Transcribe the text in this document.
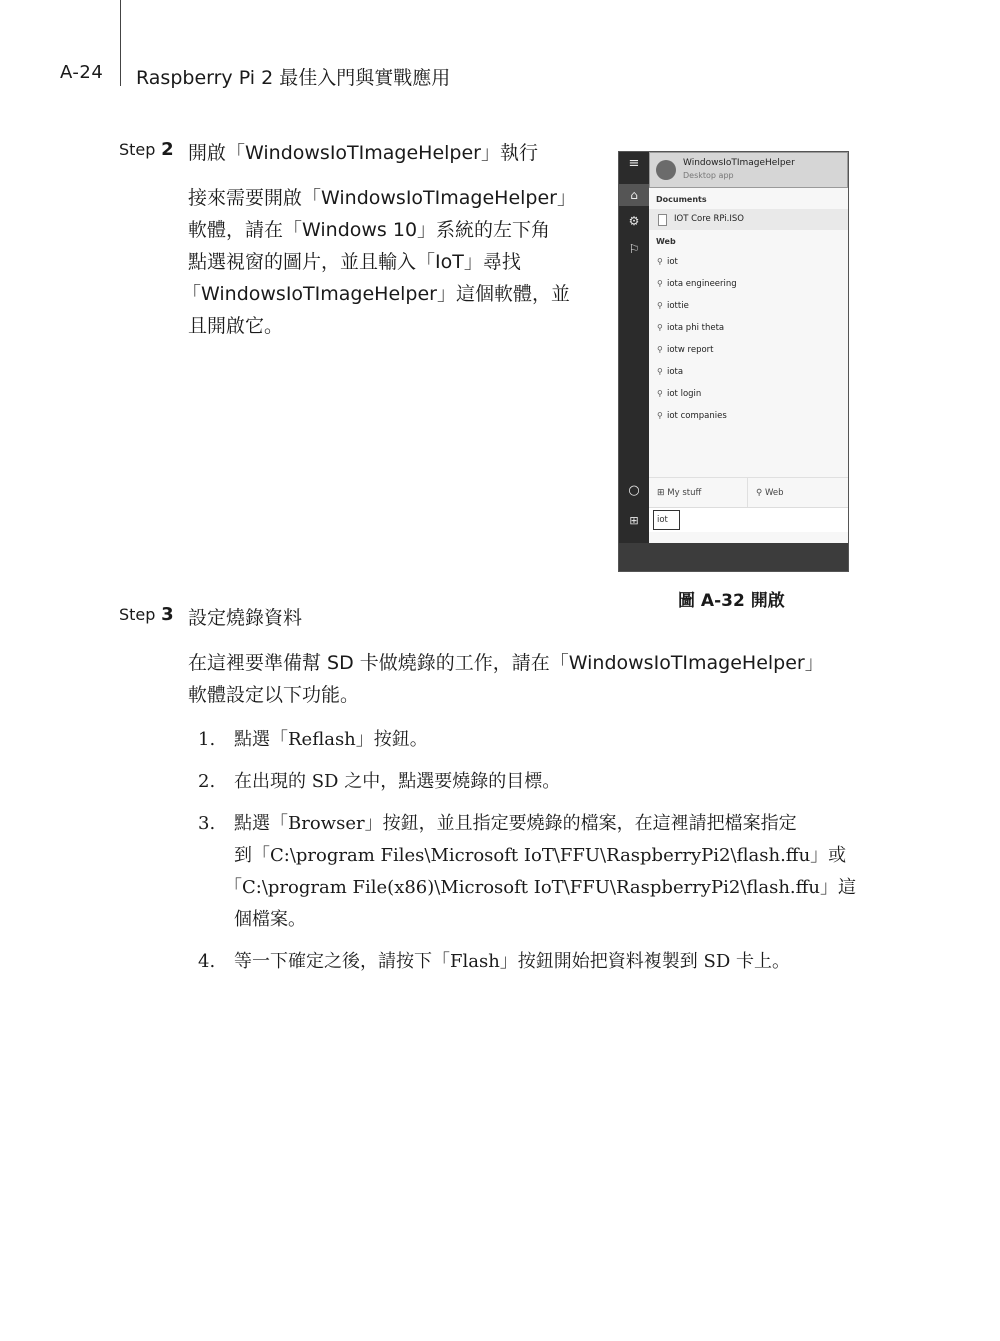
A-24 Raspberry Pi 2 最佳入門與實戰應用
Step 2 開啟「WindowsIoTImageHelper」執行
接來需要開啟「WindowsIoTImageHelper」
軟體，請在「Windows 10」系統的左下角
點選視窗的圖片，並且輸入「IoT」尋找
「WindowsIoTImageHelper」這個軟體，並
且開啟它。
≡
⌂
⚙
⚐
○
⊞
WindowsIoTImageHelper
Desktop app
Documents
IOT Core RPi.ISO
Web
⚲ iot
⚲ iota engineering
⚲ iottie
⚲ iota phi theta
⚲ iotw report
⚲ iota
⚲ iot login
⚲ iot companies
⊞ My stuff	⚲ Web
iot
圖 A-32 開啟
Step 3 設定燒錄資料
在這裡要準備幫 SD 卡做燒錄的工作，請在「WindowsIoTImageHelper」
軟體設定以下功能。
1. 點選「Reflash」按鈕。
2. 在出現的 SD 之中，點選要燒錄的目標。
3. 點選「Browser」按鈕，並且指定要燒錄的檔案，在這裡請把檔案指定
到「C:\program Files\Microsoft IoT\FFU\RaspberryPi2\flash.ffu」或
「C:\program File(x86)\Microsoft IoT\FFU\RaspberryPi2\flash.ffu」這
個檔案。
4. 等一下確定之後，請按下「Flash」按鈕開始把資料複製到 SD 卡上。
